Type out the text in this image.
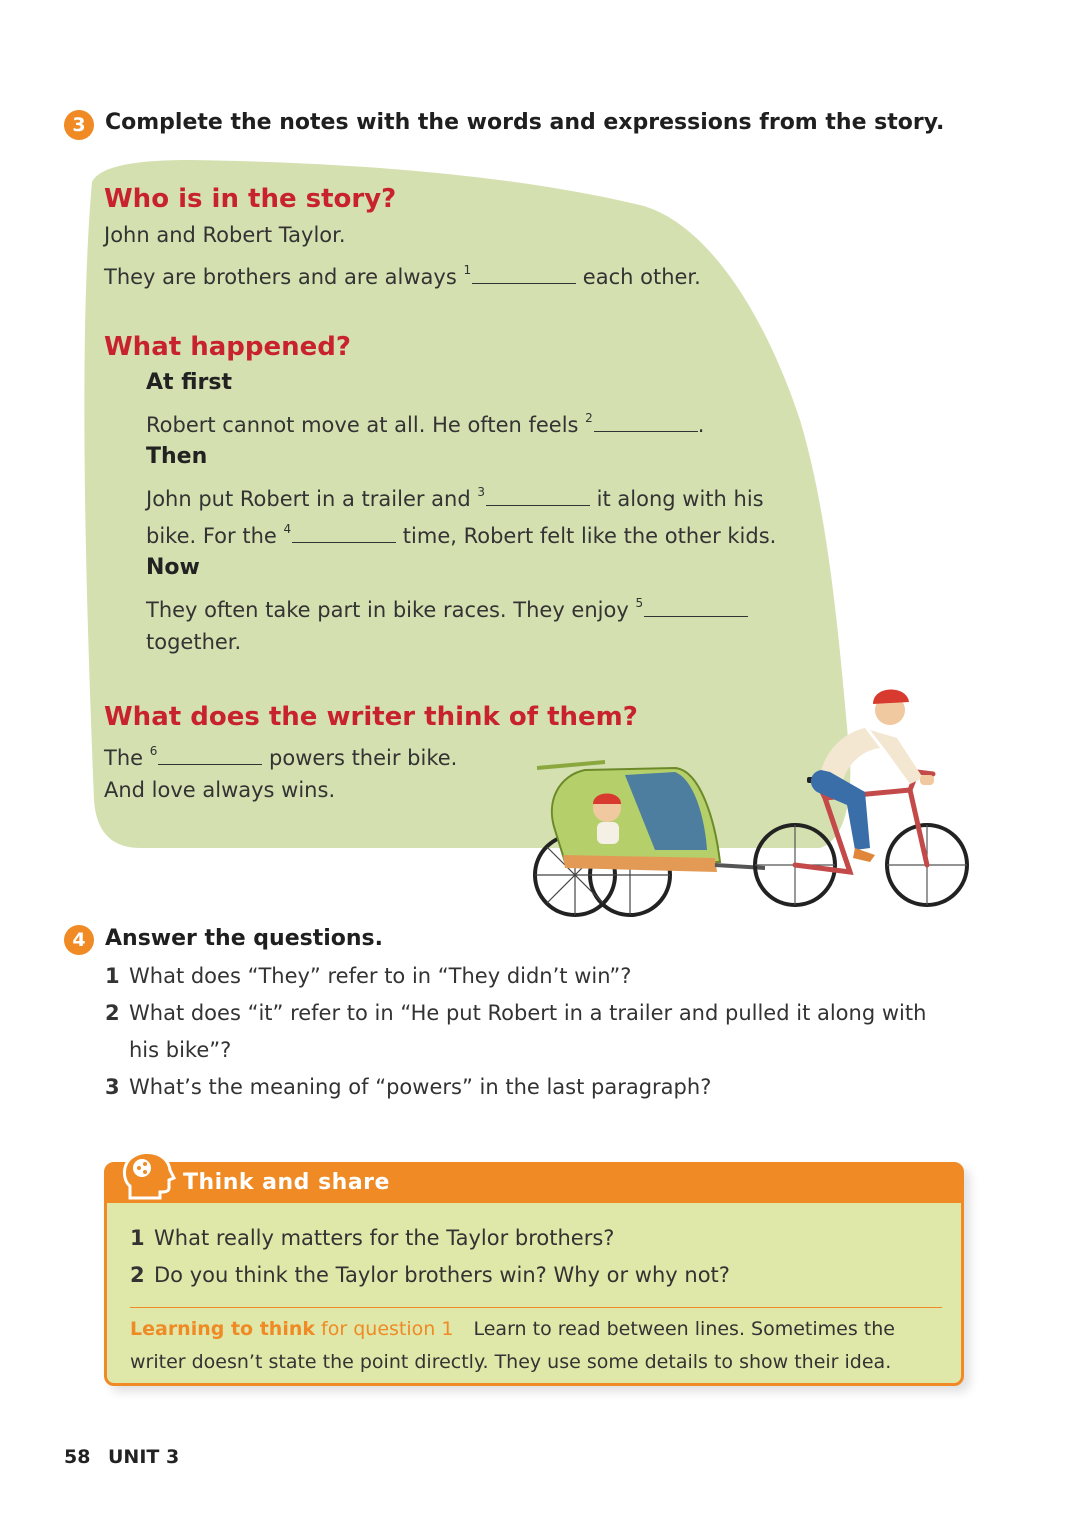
3 Complete the notes with the words and expressions from the story.
Who is in the story?
John and Robert Taylor.
They are brothers and are always $^1$	each other.
What happened?
At first
Robert cannot move at all. He often feels $^2$	.
Then
John put Robert in a trailer and $^3$	it along with his
bike. For the $^4$	time, Robert felt like the other kids.
Now
They often take part in bike races. They enjoy $^5$
together.
What does the writer think of them?
The $^6$	powers their bike.
And love always wins.
4 Answer the questions.
1 What does “They” refer to in “They didn’t win”?
2 What does “it” refer to in “He put Robert in a trailer and pulled it along with
his bike”?
3 What’s the meaning of “powers” in the last paragraph?
Think and share
1 What really matters for the Taylor brothers?
2 Do you think the Taylor brothers win? Why or why not?
Learning to think for question 1 Learn to read between lines. Sometimes the
writer doesn’t state the point directly. They use some details to show their idea.
58 UNIT 3
